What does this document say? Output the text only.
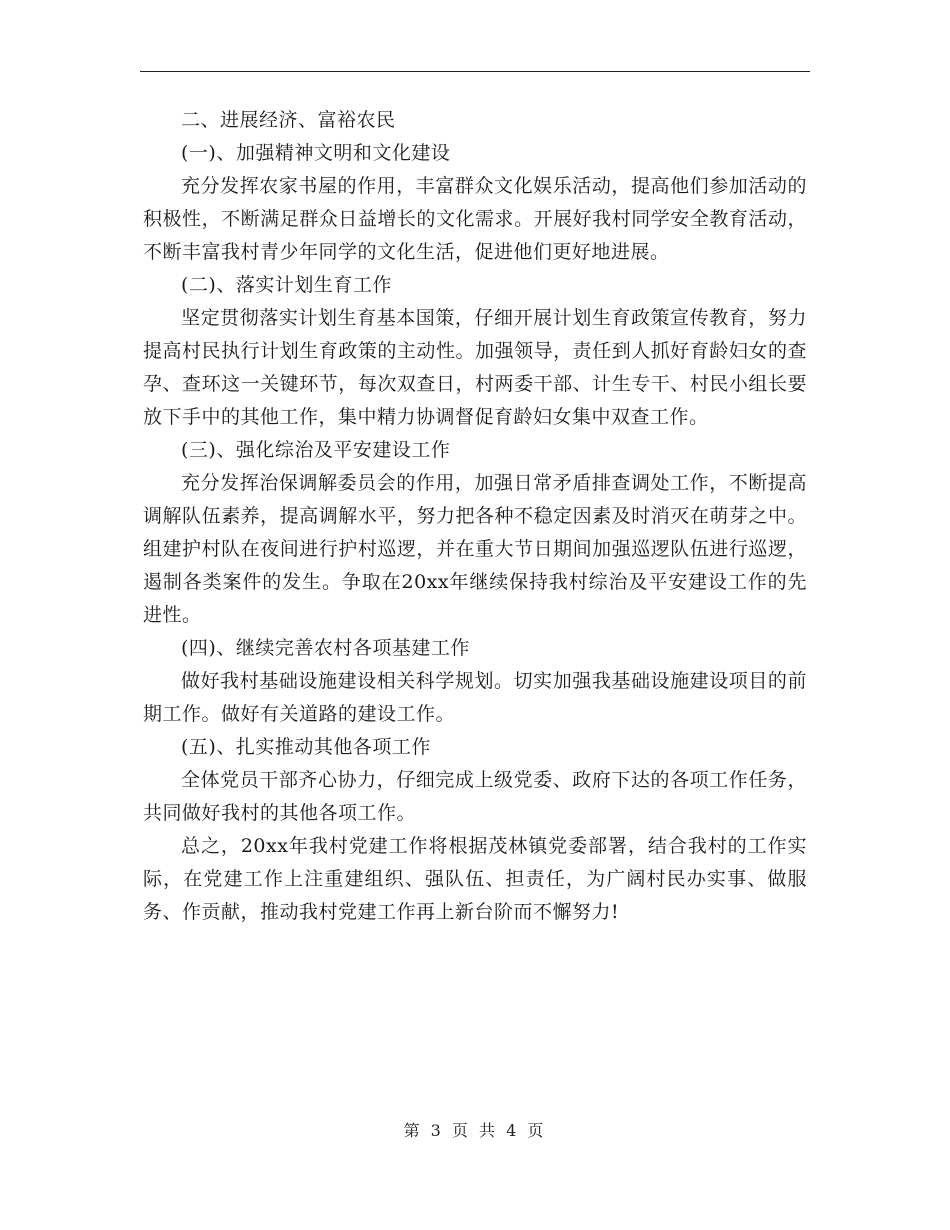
二、进展经济、富裕农民

(一)、加强精神文明和文化建设

充分发挥农家书屋的作用，丰富群众文化娱乐活动，提高他们参加活动的积极性，不断满足群众日益增长的文化需求。开展好我村同学安全教育活动，不断丰富我村青少年同学的文化生活，促进他们更好地进展。

(二)、落实计划生育工作

坚定贯彻落实计划生育基本国策，仔细开展计划生育政策宣传教育，努力提高村民执行计划生育政策的主动性。加强领导，责任到人抓好育龄妇女的查孕、查环这一关键环节，每次双查日，村两委干部、计生专干、村民小组长要放下手中的其他工作，集中精力协调督促育龄妇女集中双查工作。

(三)、强化综治及平安建设工作

充分发挥治保调解委员会的作用，加强日常矛盾排查调处工作，不断提高调解队伍素养，提高调解水平，努力把各种不稳定因素及时消灭在萌芽之中。组建护村队在夜间进行护村巡逻，并在重大节日期间加强巡逻队伍进行巡逻，遏制各类案件的发生。争取在20xx年继续保持我村综治及平安建设工作的先进性。

(四)、继续完善农村各项基建工作

做好我村基础设施建设相关科学规划。切实加强我基础设施建设项目的前期工作。做好有关道路的建设工作。

(五)、扎实推动其他各项工作

全体党员干部齐心协力，仔细完成上级党委、政府下达的各项工作任务，共同做好我村的其他各项工作。

总之，20xx年我村党建工作将根据茂林镇党委部署，结合我村的工作实际，在党建工作上注重建组织、强队伍、担责任，为广阔村民办实事、做服务、作贡献，推动我村党建工作再上新台阶而不懈努力!

第 3 页 共 4 页
